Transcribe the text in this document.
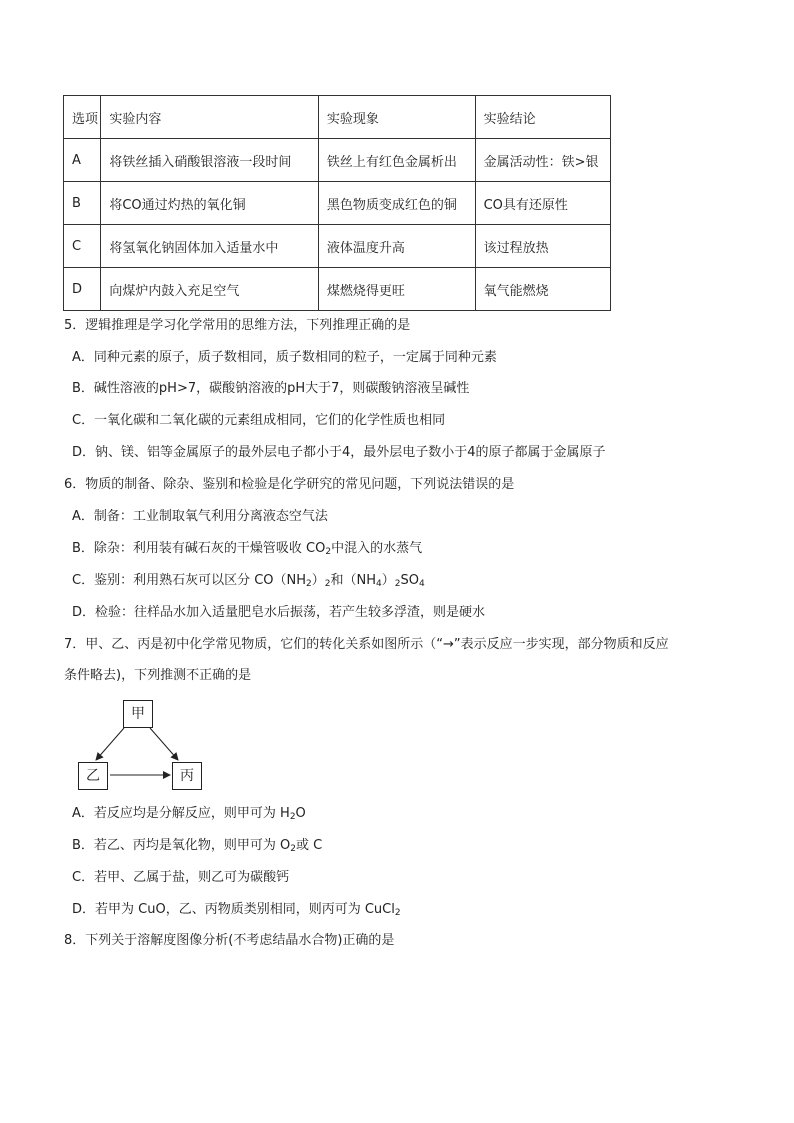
选项	实验内容	实验现象	实验结论
A	将铁丝插入硝酸银溶液一段时间	铁丝上有红色金属析出	金属活动性：铁>银
B	将CO通过灼热的氧化铜	黑色物质变成红色的铜	CO具有还原性
C	将氢氧化钠固体加入适量水中	液体温度升高	该过程放热
D	向煤炉内鼓入充足空气	煤燃烧得更旺	氧气能燃烧
5．逻辑推理是学习化学常用的思维方法，下列推理正确的是
A．同种元素的原子，质子数相同，质子数相同的粒子，一定属于同种元素
B．碱性溶液的pH>7，碳酸钠溶液的pH大于7，则碳酸钠溶液呈碱性
C．一氧化碳和二氧化碳的元素组成相同，它们的化学性质也相同
D．钠、镁、铝等金属原子的最外层电子都小于4，最外层电子数小于4的原子都属于金属原子
6．物质的制备、除杂、鉴别和检验是化学研究的常见问题，下列说法错误的是
A．制备：工业制取氧气利用分离液态空气法
B．除杂：利用装有碱石灰的干燥管吸收 $CO_2$中混入的水蒸气
C．鉴别：利用熟石灰可以区分 $CO(NH_2)_2$和$(NH_4)_2SO_4$
D．检验：往样品水加入适量肥皂水后振荡，若产生较多浮渣，则是硬水
7．甲、乙、丙是初中化学常见物质，它们的转化关系如图所示（“→”表示反应一步实现，部分物质和反应
条件略去)，下列推测不正确的是
甲
乙	丙
A．若反应均是分解反应，则甲可为 $H_2O$
B．若乙、丙均是氧化物，则甲可为 $O_2$或 C
C．若甲、乙属于盐，则乙可为碳酸钙
D．若甲为 CuO，乙、丙物质类别相同，则丙可为 CuCl$_2$
8．下列关于溶解度图像分析(不考虑结晶水合物)正确的是
